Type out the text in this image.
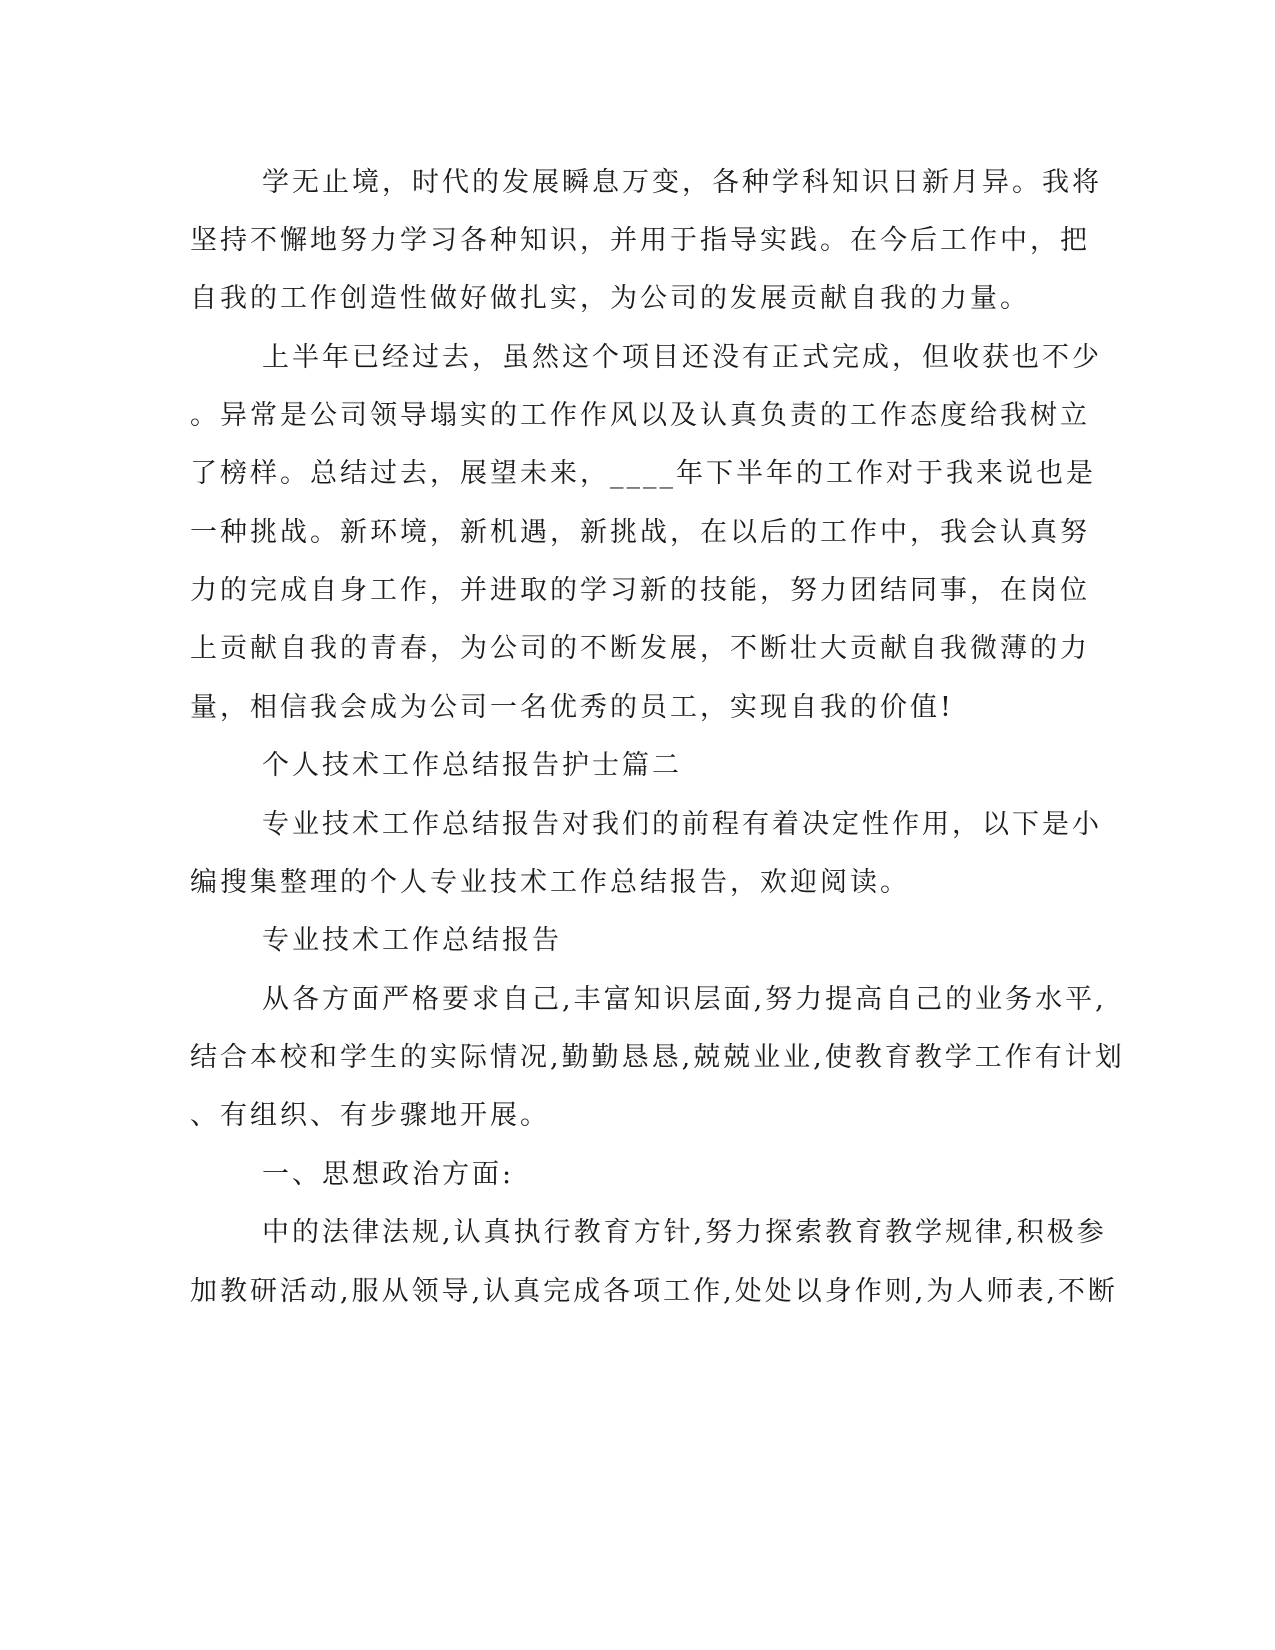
学无止境，时代的发展瞬息万变，各种学科知识日新月异。我将
坚持不懈地努力学习各种知识，并用于指导实践。在今后工作中，把
自我的工作创造性做好做扎实，为公司的发展贡献自我的力量。
上半年已经过去，虽然这个项目还没有正式完成，但收获也不少
。异常是公司领导塌实的工作作风以及认真负责的工作态度给我树立
了榜样。总结过去，展望未来，____年下半年的工作对于我来说也是
一种挑战。新环境，新机遇，新挑战，在以后的工作中，我会认真努
力的完成自身工作，并进取的学习新的技能，努力团结同事，在岗位
上贡献自我的青春，为公司的不断发展，不断壮大贡献自我微薄的力
量，相信我会成为公司一名优秀的员工，实现自我的价值!
个人技术工作总结报告护士篇二
专业技术工作总结报告对我们的前程有着决定性作用，以下是小
编搜集整理的个人专业技术工作总结报告，欢迎阅读。
专业技术工作总结报告
从各方面严格要求自己,丰富知识层面,努力提高自己的业务水平,
结合本校和学生的实际情况,勤勤恳恳,兢兢业业,使教育教学工作有计划
、有组织、有步骤地开展。
一、思想政治方面:
中的法律法规,认真执行教育方针,努力探索教育教学规律,积极参
加教研活动,服从领导,认真完成各项工作,处处以身作则,为人师表,不断
